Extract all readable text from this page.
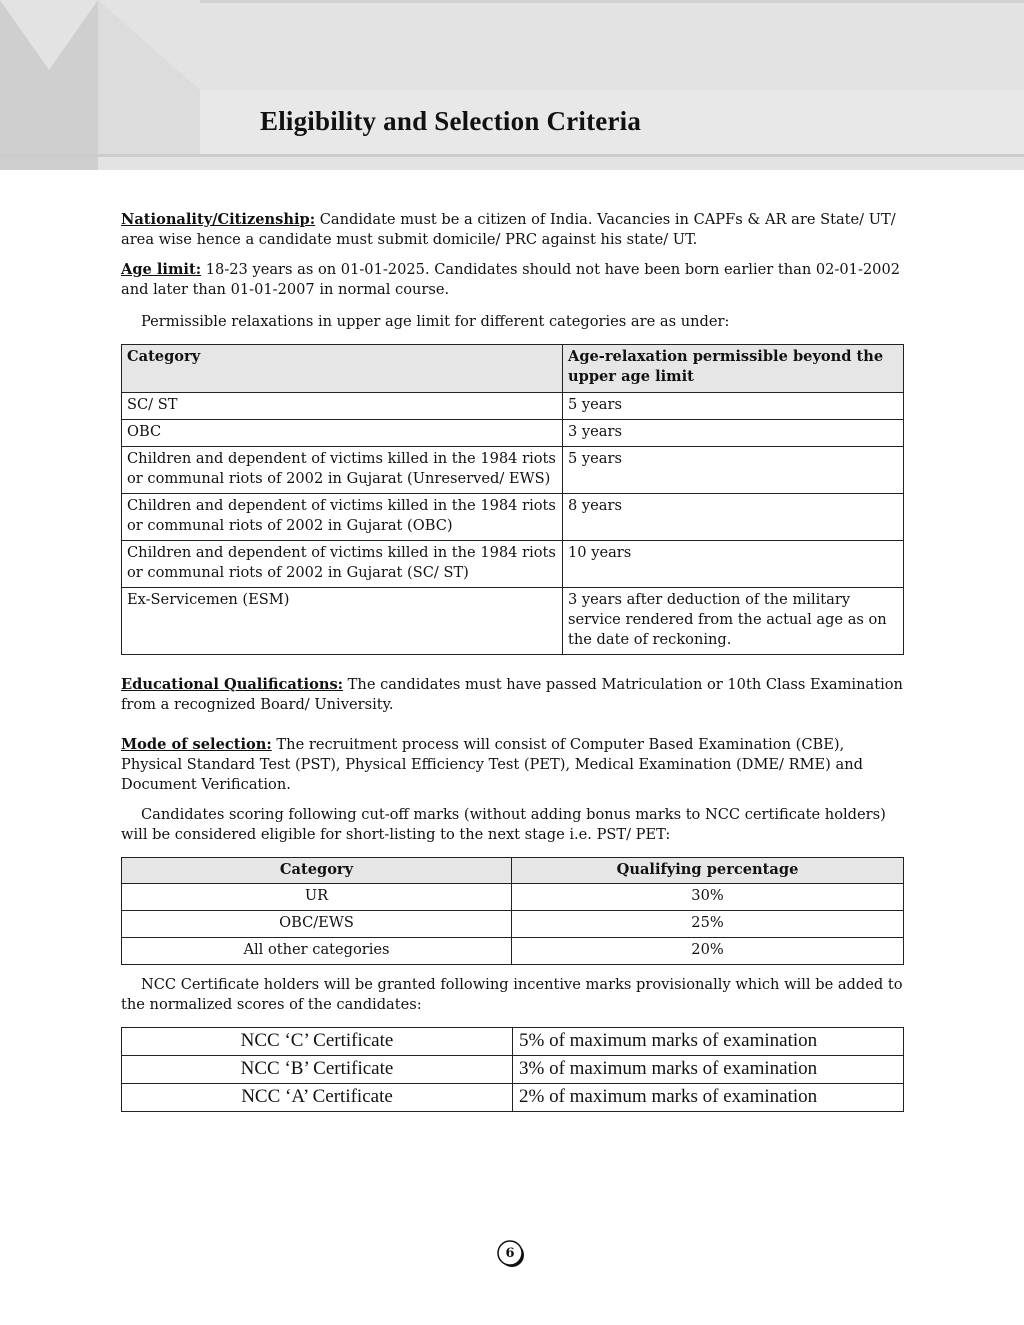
Eligibility and Selection Criteria

Nationality/Citizenship: Candidate must be a citizen of India. Vacancies in CAPFs & AR are State/ UT/ area wise hence a candidate must submit domicile/ PRC against his state/ UT.

Age limit: 18-23 years as on 01-01-2025. Candidates should not have been born earlier than 02-01-2002 and later than 01-01-2007 in normal course.

Permissible relaxations in upper age limit for different categories are as under:

Category	Age-relaxation permissible beyond the upper age limit
SC/ ST	5 years
OBC	3 years
Children and dependent of victims killed in the 1984 riots or communal riots of 2002 in Gujarat (Unreserved/ EWS)	5 years
Children and dependent of victims killed in the 1984 riots or communal riots of 2002 in Gujarat (OBC)	8 years
Children and dependent of victims killed in the 1984 riots or communal riots of 2002 in Gujarat (SC/ ST)	10 years
Ex-Servicemen (ESM)	3 years after deduction of the military service rendered from the actual age as on the date of reckoning.

Educational Qualifications: The candidates must have passed Matriculation or 10th Class Examination from a recognized Board/ University.

Mode of selection: The recruitment process will consist of Computer Based Examination (CBE), Physical Standard Test (PST), Physical Efficiency Test (PET), Medical Examination (DME/ RME) and Document Verification.

Candidates scoring following cut-off marks (without adding bonus marks to NCC certificate holders) will be considered eligible for short-listing to the next stage i.e. PST/ PET:

Category	Qualifying percentage
UR	30%
OBC/EWS	25%
All other categories	20%

NCC Certificate holders will be granted following incentive marks provisionally which will be added to the normalized scores of the candidates:

NCC ‘C’ Certificate	5% of maximum marks of examination
NCC ‘B’ Certificate	3% of maximum marks of examination
NCC ‘A’ Certificate	2% of maximum marks of examination
6
